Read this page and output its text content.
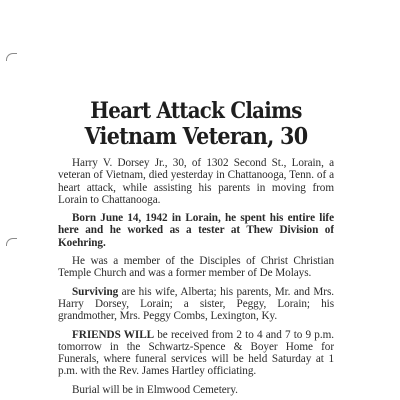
Heart Attack Claims
Vietnam Veteran, 30

Harry V. Dorsey Jr., 30, of 1302 Second St., Lorain, a veteran of Vietnam, died yesterday in Chattanooga, Tenn. of a heart attack, while assisting his parents in moving from Lorain to Chattanooga.

Born June 14, 1942 in Lorain, he spent his entire life here and he worked as a tester at Thew Division of Koehring.

He was a member of the Disciples of Christ Christian Temple Church and was a former member of De Molays.

Surviving are his wife, Alberta; his parents, Mr. and Mrs. Harry Dorsey, Lorain; a sister, Peggy, Lorain; his grandmother, Mrs. Peggy Combs, Lexington, Ky.

FRIENDS WILL be received from 2 to 4 and 7 to 9 p.m. tomorrow in the Schwartz-Spence & Boyer Home for Funerals, where funeral services will be held Saturday at 1 p.m. with the Rev. James Hartley officiating.

Burial will be in Elmwood Cemetery.
